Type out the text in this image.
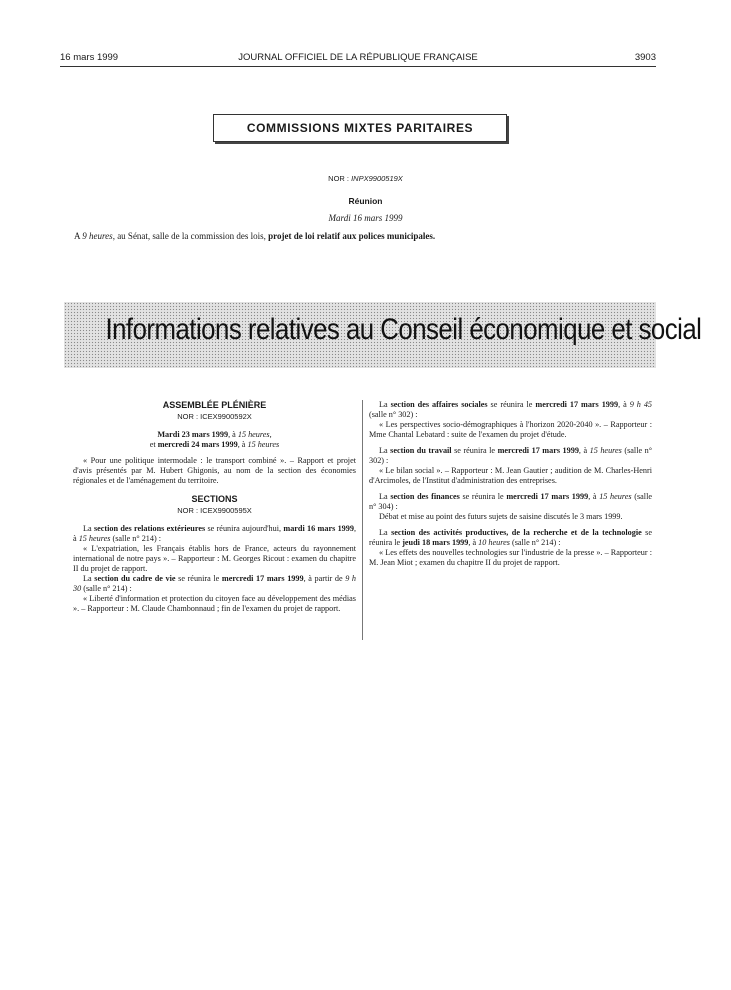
16 mars 1999	JOURNAL OFFICIEL DE LA RÉPUBLIQUE FRANÇAISE	3903
COMMISSIONS MIXTES PARITAIRES
NOR : INPX9900519X
Réunion
Mardi 16 mars 1999
A 9 heures, au Sénat, salle de la commission des lois, projet de loi relatif aux polices municipales.
Informations relatives au Conseil économique et social

ASSEMBLÉE PLÉNIÈRE

NOR : ICEX9900592X

Mardi 23 mars 1999, à 15 heures,

et mercredi 24 mars 1999, à 15 heures

« Pour une politique intermodale : le transport combiné ». – Rapport et projet d'avis présentés par M. Hubert Ghigonis, au nom de la section des économies régionales et de l'aménagement du territoire.

SECTIONS

NOR : ICEX9900595X

La section des relations extérieures se réunira aujourd'hui, mardi 16 mars 1999, à 15 heures (salle n° 214) :

« L'expatriation, les Français établis hors de France, acteurs du rayonnement international de notre pays ». – Rapporteur : M. Georges Ricout : examen du chapitre II du projet de rapport.

La section du cadre de vie se réunira le mercredi 17 mars 1999, à partir de 9 h 30 (salle n° 214) :

« Liberté d'information et protection du citoyen face au développement des médias ». – Rapporteur : M. Claude Chambonnaud ; fin de l'examen du projet de rapport.

La section des affaires sociales se réunira le mercredi 17 mars 1999, à 9 h 45 (salle n° 302) :

« Les perspectives socio-démographiques à l'horizon 2020-2040 ». – Rapporteur : Mme Chantal Lebatard : suite de l'examen du projet d'étude.

La section du travail se réunira le mercredi 17 mars 1999, à 15 heures (salle n° 302) :

« Le bilan social ». – Rapporteur : M. Jean Gautier ; audition de M. Charles-Henri d'Arcimoles, de l'Institut d'administration des entreprises.

La section des finances se réunira le mercredi 17 mars 1999, à 15 heures (salle n° 304) :

Débat et mise au point des futurs sujets de saisine discutés le 3 mars 1999.

La section des activités productives, de la recherche et de la technologie se réunira le jeudi 18 mars 1999, à 10 heures (salle n° 214) :

« Les effets des nouvelles technologies sur l'industrie de la presse ». – Rapporteur : M. Jean Miot ; examen du chapitre II du projet de rapport.
